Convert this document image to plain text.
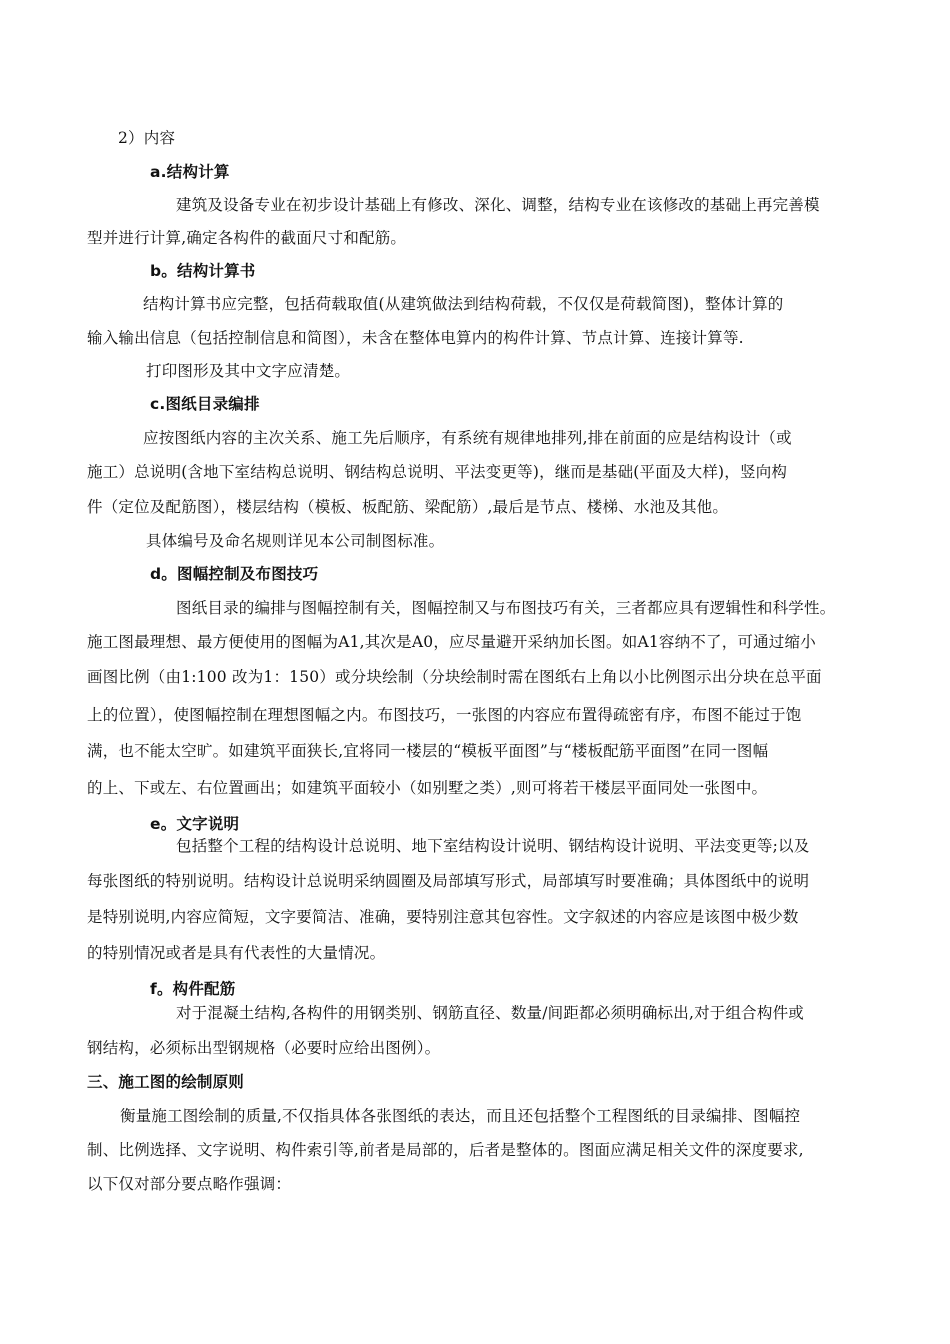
2）内容
a.结构计算
建筑及设备专业在初步设计基础上有修改、深化、调整，结构专业在该修改的基础上再完善模
型并进行计算,确定各构件的截面尺寸和配筋。
b。结构计算书
结构计算书应完整，包括荷载取值(从建筑做法到结构荷载，不仅仅是荷载简图)，整体计算的
输入输出信息（包括控制信息和简图），未含在整体电算内的构件计算、节点计算、连接计算等.
打印图形及其中文字应清楚。
c.图纸目录编排
应按图纸内容的主次关系、施工先后顺序，有系统有规律地排列,排在前面的应是结构设计（或
施工）总说明(含地下室结构总说明、钢结构总说明、平法变更等)，继而是基础(平面及大样)，竖向构
件（定位及配筋图），楼层结构（模板、板配筋、梁配筋）,最后是节点、楼梯、水池及其他。
具体编号及命名规则详见本公司制图标准。
d。图幅控制及布图技巧
图纸目录的编排与图幅控制有关，图幅控制又与布图技巧有关，三者都应具有逻辑性和科学性。
施工图最理想、最方便使用的图幅为A1,其次是A0，应尽量避开采纳加长图。如A1容纳不了，可通过缩小
画图比例（由1:100 改为1：150）或分块绘制（分块绘制时需在图纸右上角以小比例图示出分块在总平面
上的位置），使图幅控制在理想图幅之内。布图技巧，一张图的内容应布置得疏密有序，布图不能过于饱
满，也不能太空旷。如建筑平面狭长,宜将同一楼层的“模板平面图”与“楼板配筋平面图”在同一图幅
的上、下或左、右位置画出；如建筑平面较小（如别墅之类）,则可将若干楼层平面同处一张图中。
e。文字说明
包括整个工程的结构设计总说明、地下室结构设计说明、钢结构设计说明、平法变更等;以及
每张图纸的特别说明。结构设计总说明采纳圆圈及局部填写形式，局部填写时要准确；具体图纸中的说明
是特别说明,内容应简短，文字要简洁、准确，要特别注意其包容性。文字叙述的内容应是该图中极少数
的特别情况或者是具有代表性的大量情况。
f。构件配筋
对于混凝土结构,各构件的用钢类别、钢筋直径、数量/间距都必须明确标出,对于组合构件或
钢结构，必须标出型钢规格（必要时应给出图例）。
三、施工图的绘制原则
衡量施工图绘制的质量,不仅指具体各张图纸的表达，而且还包括整个工程图纸的目录编排、图幅控
制、比例选择、文字说明、构件索引等,前者是局部的，后者是整体的。图面应满足相关文件的深度要求,
以下仅对部分要点略作强调：
